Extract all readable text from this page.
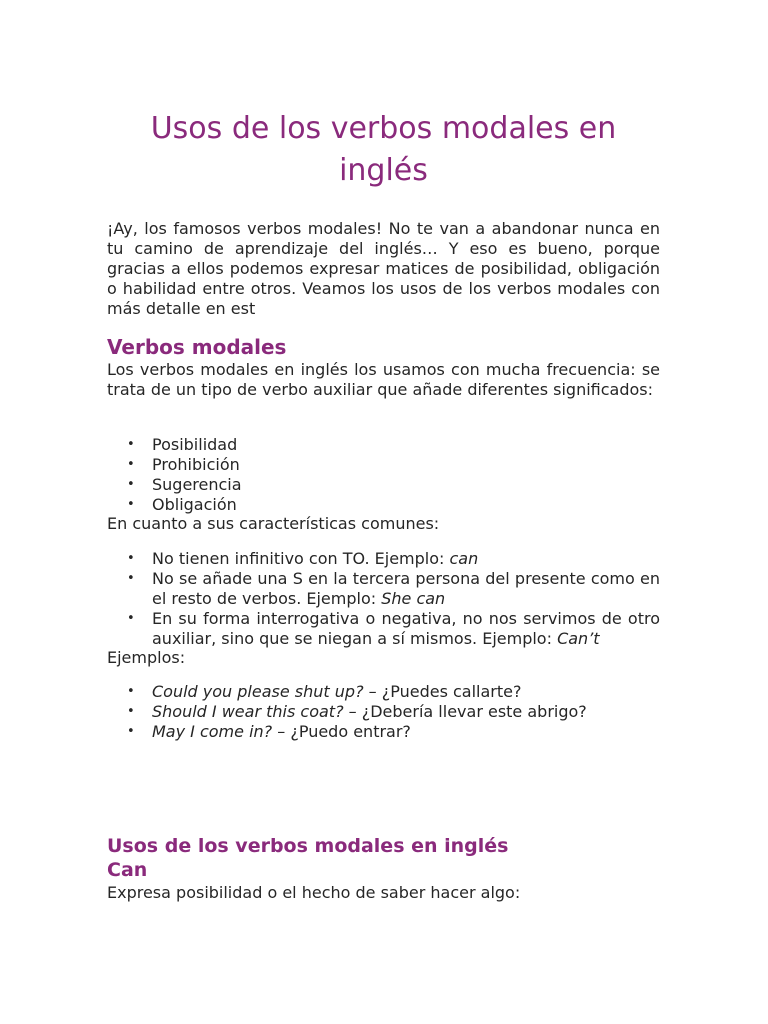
Usos de los verbos modales en inglés

¡Ay, los famosos verbos modales! No te van a abandonar nunca en tu camino de aprendizaje del inglés… Y eso es bueno, porque gracias a ellos podemos expresar matices de posibilidad, obligación o habilidad entre otros. Veamos los usos de los verbos modales con más detalle en est

Verbos modales

Los verbos modales en inglés los usamos con mucha frecuencia: se trata de un tipo de verbo auxiliar que añade diferentes significados:

• Posibilidad
• Prohibición
• Sugerencia
• Obligación

En cuanto a sus características comunes:

• No tienen infinitivo con TO. Ejemplo: can
• No se añade una S en la tercera persona del presente como en el resto de verbos. Ejemplo: She can
• En su forma interrogativa o negativa, no nos servimos de otro auxiliar, sino que se niegan a sí mismos. Ejemplo: Can’t

Ejemplos:

• Could you please shut up? – ¿Puedes callarte?
• Should I wear this coat? – ¿Debería llevar este abrigo?
• May I come in? – ¿Puedo entrar?
Usos de los verbos modales en inglés
Can

Expresa posibilidad o el hecho de saber hacer algo:
